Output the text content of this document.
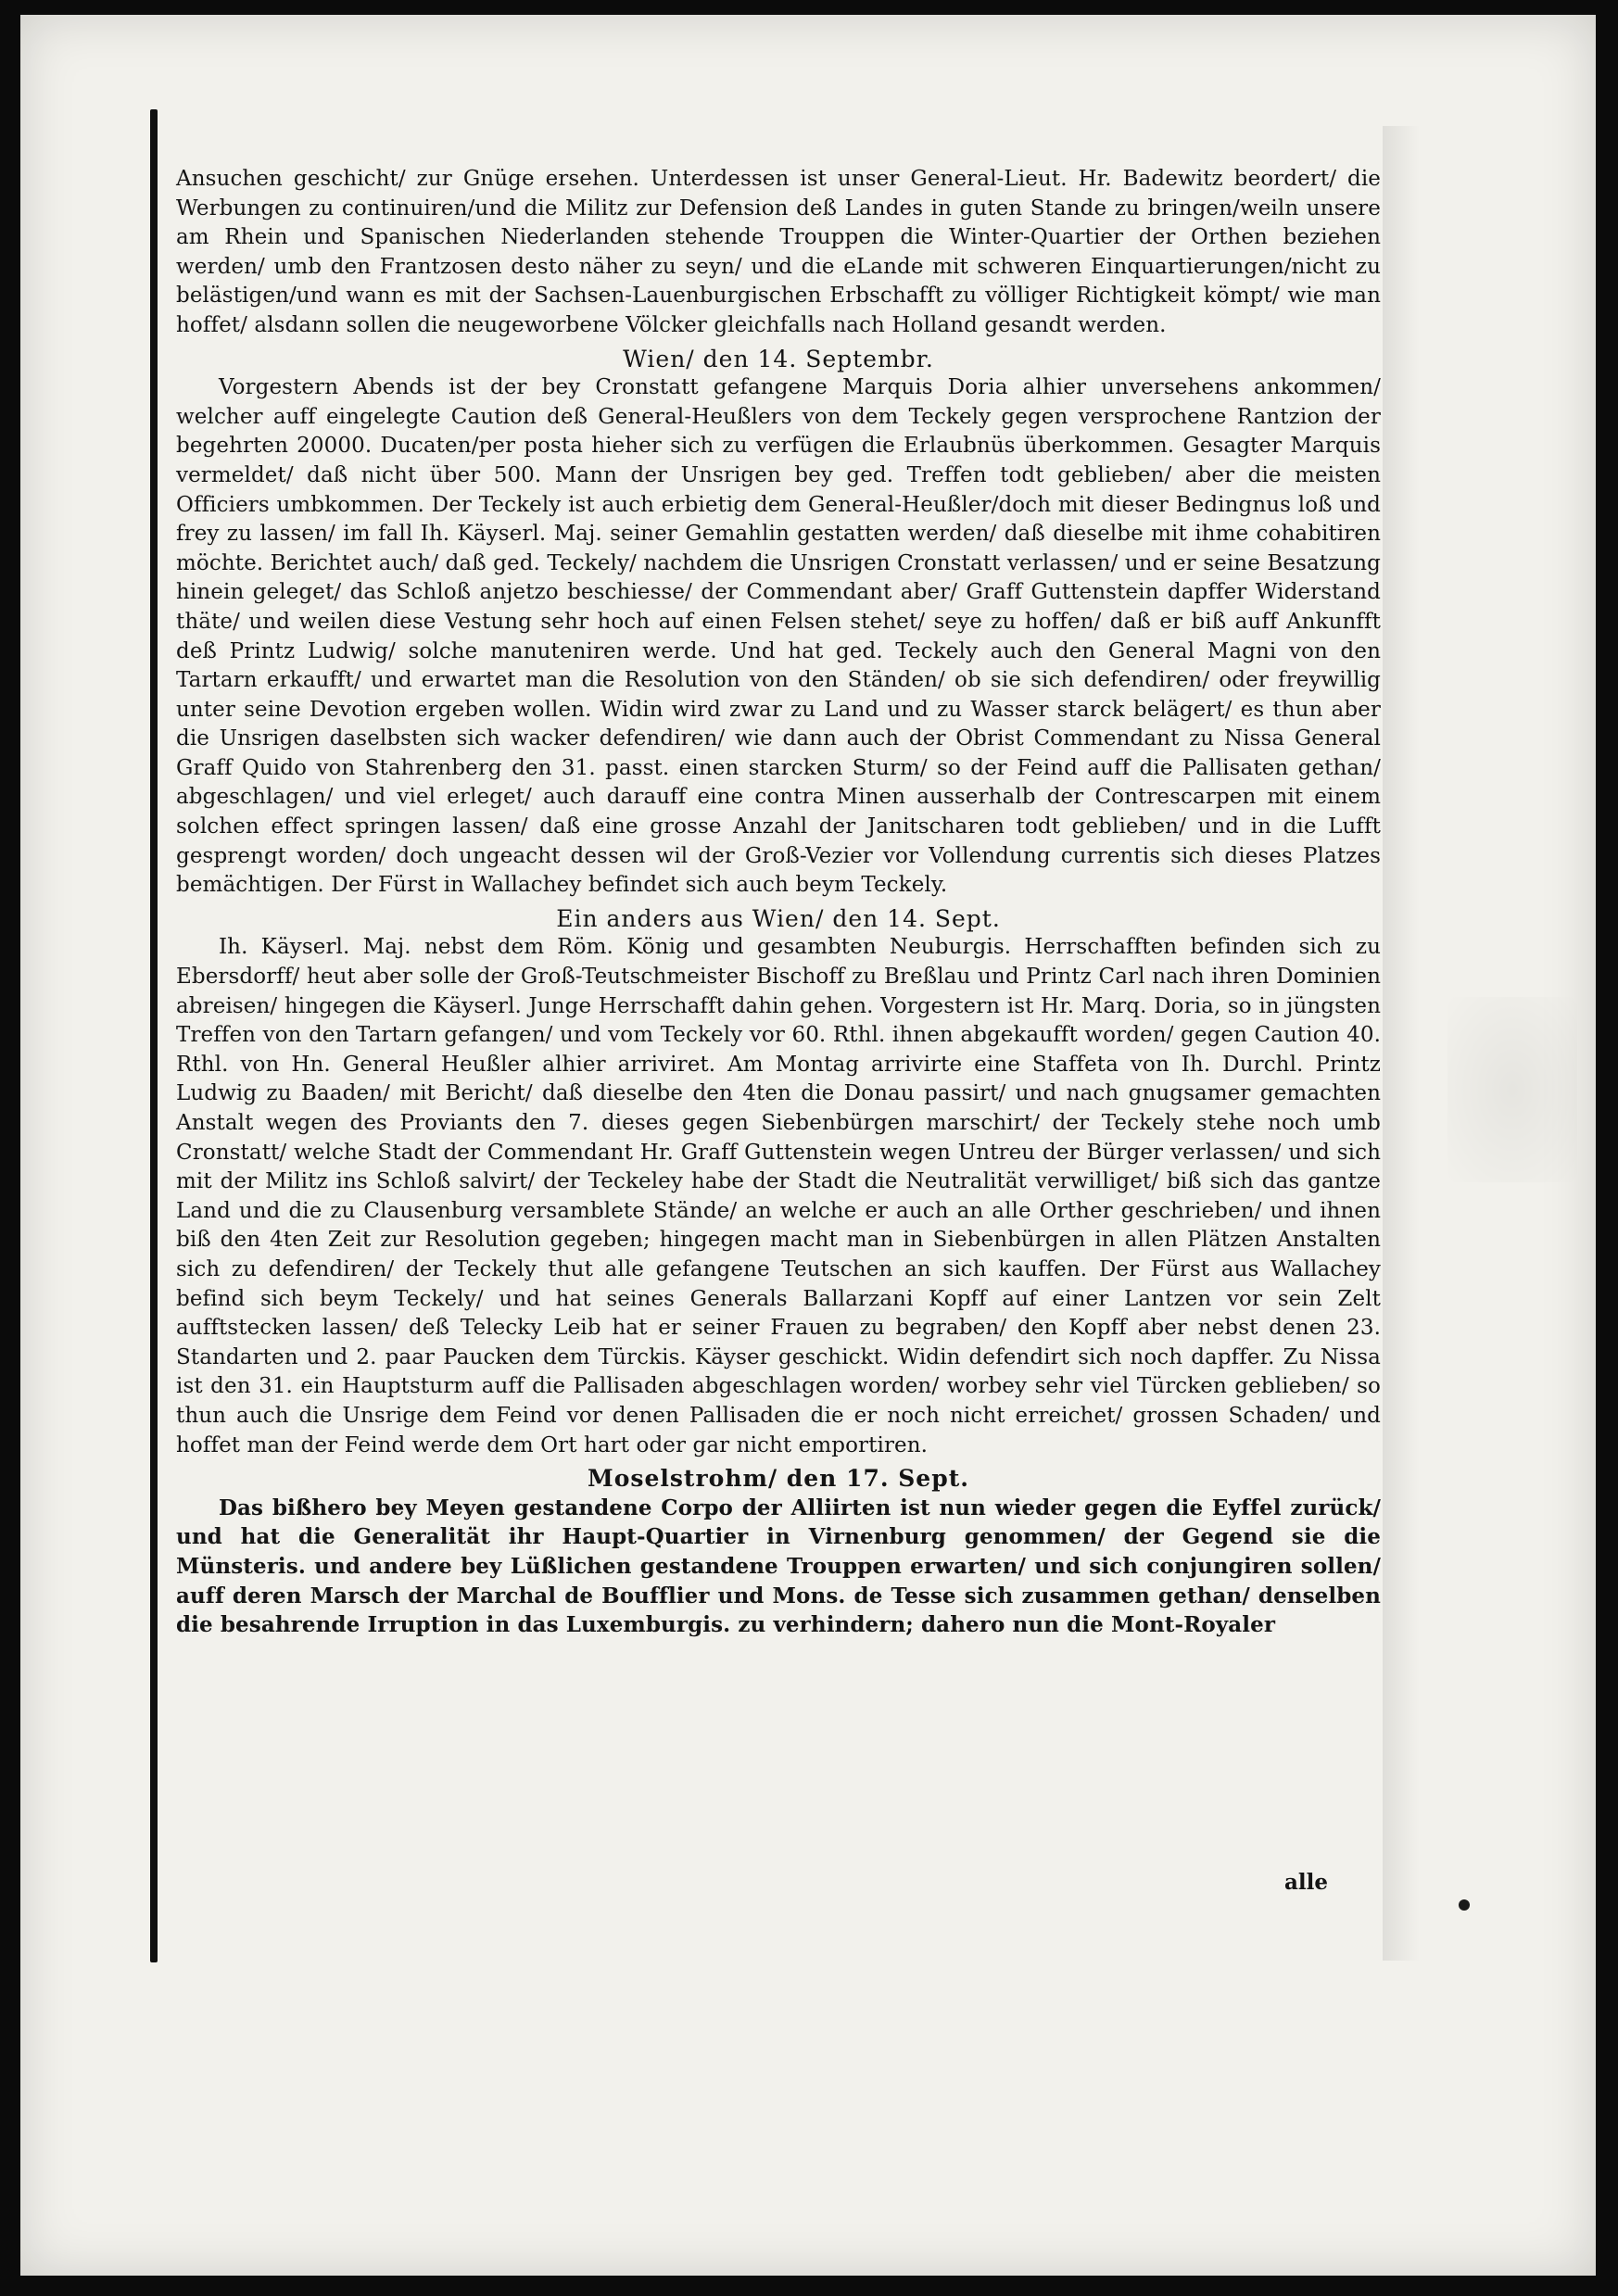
Ansuchen geschicht/ zur Gnüge ersehen. Unterdessen ist unser General-Lieut. Hr. Badewitz beordert/ die Werbungen zu continuiren/und die Militz zur Defension deß Landes in guten Stande zu bringen/weiln unsere am Rhein und Spanischen Niederlanden stehende Trouppen die Winter-Quartier der Orthen beziehen werden/ umb den Frantzosen desto näher zu seyn/ und die eLande mit schweren Einquartierungen/nicht zu belästigen/und wann es mit der Sachsen-Lauenburgischen Erbschafft zu völliger Richtigkeit kömpt/ wie man hoffet/ alsdann sollen die neugeworbene Völcker gleichfalls nach Holland gesandt werden.

Wien/ den 14. Septembr.

Vorgestern Abends ist der bey Cronstatt gefangene Marquis Doria alhier unversehens ankommen/ welcher auff eingelegte Caution deß General-Heußlers von dem Teckely gegen versprochene Rantzion der begehrten 20000. Ducaten/per posta hieher sich zu verfügen die Erlaubnüs überkommen. Gesagter Marquis vermeldet/ daß nicht über 500. Mann der Unsrigen bey ged. Treffen todt geblieben/ aber die meisten Officiers umbkommen. Der Teckely ist auch erbietig dem General-Heußler/doch mit dieser Bedingnus loß und frey zu lassen/ im fall Ih. Käyserl. Maj. seiner Gemahlin gestatten werden/ daß dieselbe mit ihme cohabitiren möchte. Berichtet auch/ daß ged. Teckely/ nachdem die Unsrigen Cronstatt verlassen/ und er seine Besatzung hinein geleget/ das Schloß anjetzo beschiesse/ der Commendant aber/ Graff Guttenstein dapffer Widerstand thäte/ und weilen diese Vestung sehr hoch auf einen Felsen stehet/ seye zu hoffen/ daß er biß auff Ankunfft deß Printz Ludwig/ solche manuteniren werde. Und hat ged. Teckely auch den General Magni von den Tartarn erkaufft/ und erwartet man die Resolution von den Ständen/ ob sie sich defendiren/ oder freywillig unter seine Devotion ergeben wollen. Widin wird zwar zu Land und zu Wasser starck belägert/ es thun aber die Unsrigen daselbsten sich wacker defendiren/ wie dann auch der Obrist Commendant zu Nissa General Graff Quido von Stahrenberg den 31. passt. einen starcken Sturm/ so der Feind auff die Pallisaten gethan/ abgeschlagen/ und viel erleget/ auch darauff eine contra Minen ausserhalb der Contrescarpen mit einem solchen effect springen lassen/ daß eine grosse Anzahl der Janitscharen todt geblieben/ und in die Lufft gesprengt worden/ doch ungeacht dessen wil der Groß-Vezier vor Vollendung currentis sich dieses Platzes bemächtigen. Der Fürst in Wallachey befindet sich auch beym Teckely.

Ein anders aus Wien/ den 14. Sept.

Ih. Käyserl. Maj. nebst dem Röm. König und gesambten Neuburgis. Herrschafften befinden sich zu Ebersdorff/ heut aber solle der Groß-Teutschmeister Bischoff zu Breßlau und Printz Carl nach ihren Dominien abreisen/ hingegen die Käyserl. Junge Herrschafft dahin gehen. Vorgestern ist Hr. Marq. Doria, so in jüngsten Treffen von den Tartarn gefangen/ und vom Teckely vor 60. Rthl. ihnen abgekaufft worden/ gegen Caution 40. Rthl. von Hn. General Heußler alhier arriviret. Am Montag arrivirte eine Staffeta von Ih. Durchl. Printz Ludwig zu Baaden/ mit Bericht/ daß dieselbe den 4ten die Donau passirt/ und nach gnugsamer gemachten Anstalt wegen des Proviants den 7. dieses gegen Siebenbürgen marschirt/ der Teckely stehe noch umb Cronstatt/ welche Stadt der Commendant Hr. Graff Guttenstein wegen Untreu der Bürger verlassen/ und sich mit der Militz ins Schloß salvirt/ der Teckeley habe der Stadt die Neutralität verwilliget/ biß sich das gantze Land und die zu Clausenburg versamblete Stände/ an welche er auch an alle Orther geschrieben/ und ihnen biß den 4ten Zeit zur Resolution gegeben; hingegen macht man in Siebenbürgen in allen Plätzen Anstalten sich zu defendiren/ der Teckely thut alle gefangene Teutschen an sich kauffen. Der Fürst aus Wallachey befind sich beym Teckely/ und hat seines Generals Ballarzani Kopff auf einer Lantzen vor sein Zelt aufftstecken lassen/ deß Telecky Leib hat er seiner Frauen zu begraben/ den Kopff aber nebst denen 23. Standarten und 2. paar Paucken dem Türckis. Käyser geschickt. Widin defendirt sich noch dapffer. Zu Nissa ist den 31. ein Hauptsturm auff die Pallisaden abgeschlagen worden/ worbey sehr viel Türcken geblieben/ so thun auch die Unsrige dem Feind vor denen Pallisaden die er noch nicht erreichet/ grossen Schaden/ und hoffet man der Feind werde dem Ort hart oder gar nicht emportiren.

Moselstrohm/ den 17. Sept.

Das bißhero bey Meyen gestandene Corpo der Alliirten ist nun wieder gegen die Eyffel zurück/ und hat die Generalität ihr Haupt-Quartier in Virnenburg genommen/ der Gegend sie die Münsteris. und andere bey Lüßlichen gestandene Trouppen erwarten/ und sich conjungiren sollen/ auff deren Marsch der Marchal de Boufflier und Mons. de Tesse sich zusammen gethan/ denselben die besahrende Irruption in das Luxemburgis. zu verhindern; dahero nun die Mont-Royaler

alle
